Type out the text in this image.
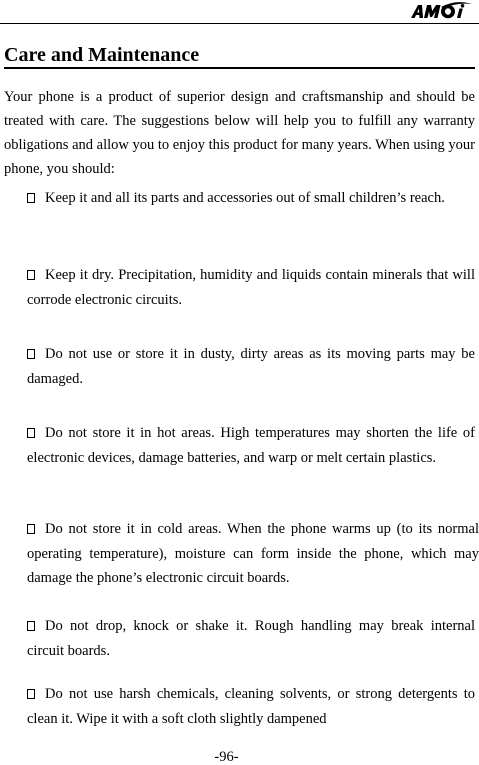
Care and Maintenance

Your phone is a product of superior design and craftsmanship and should be treated with care. The suggestions below will help you to fulfill any warranty obligations and allow you to enjoy this product for many years. When using your phone, you should:

Keep it and all its parts and accessories out of small children’s reach.

Keep it dry. Precipitation, humidity and liquids contain minerals that will corrode electronic circuits.

Do not use or store it in dusty, dirty areas as its moving parts may be damaged.

Do not store it in hot areas. High temperatures may shorten the life of electronic devices, damage batteries, and warp or melt certain plastics.

Do not store it in cold areas. When the phone warms up (to its normal operating temperature), moisture can form inside the phone, which may damage the phone’s electronic circuit boards.

Do not drop, knock or shake it. Rough handling may break internal circuit boards.

Do not use harsh chemicals, cleaning solvents, or strong detergents to clean it. Wipe it with a soft cloth slightly dampened

-96-
